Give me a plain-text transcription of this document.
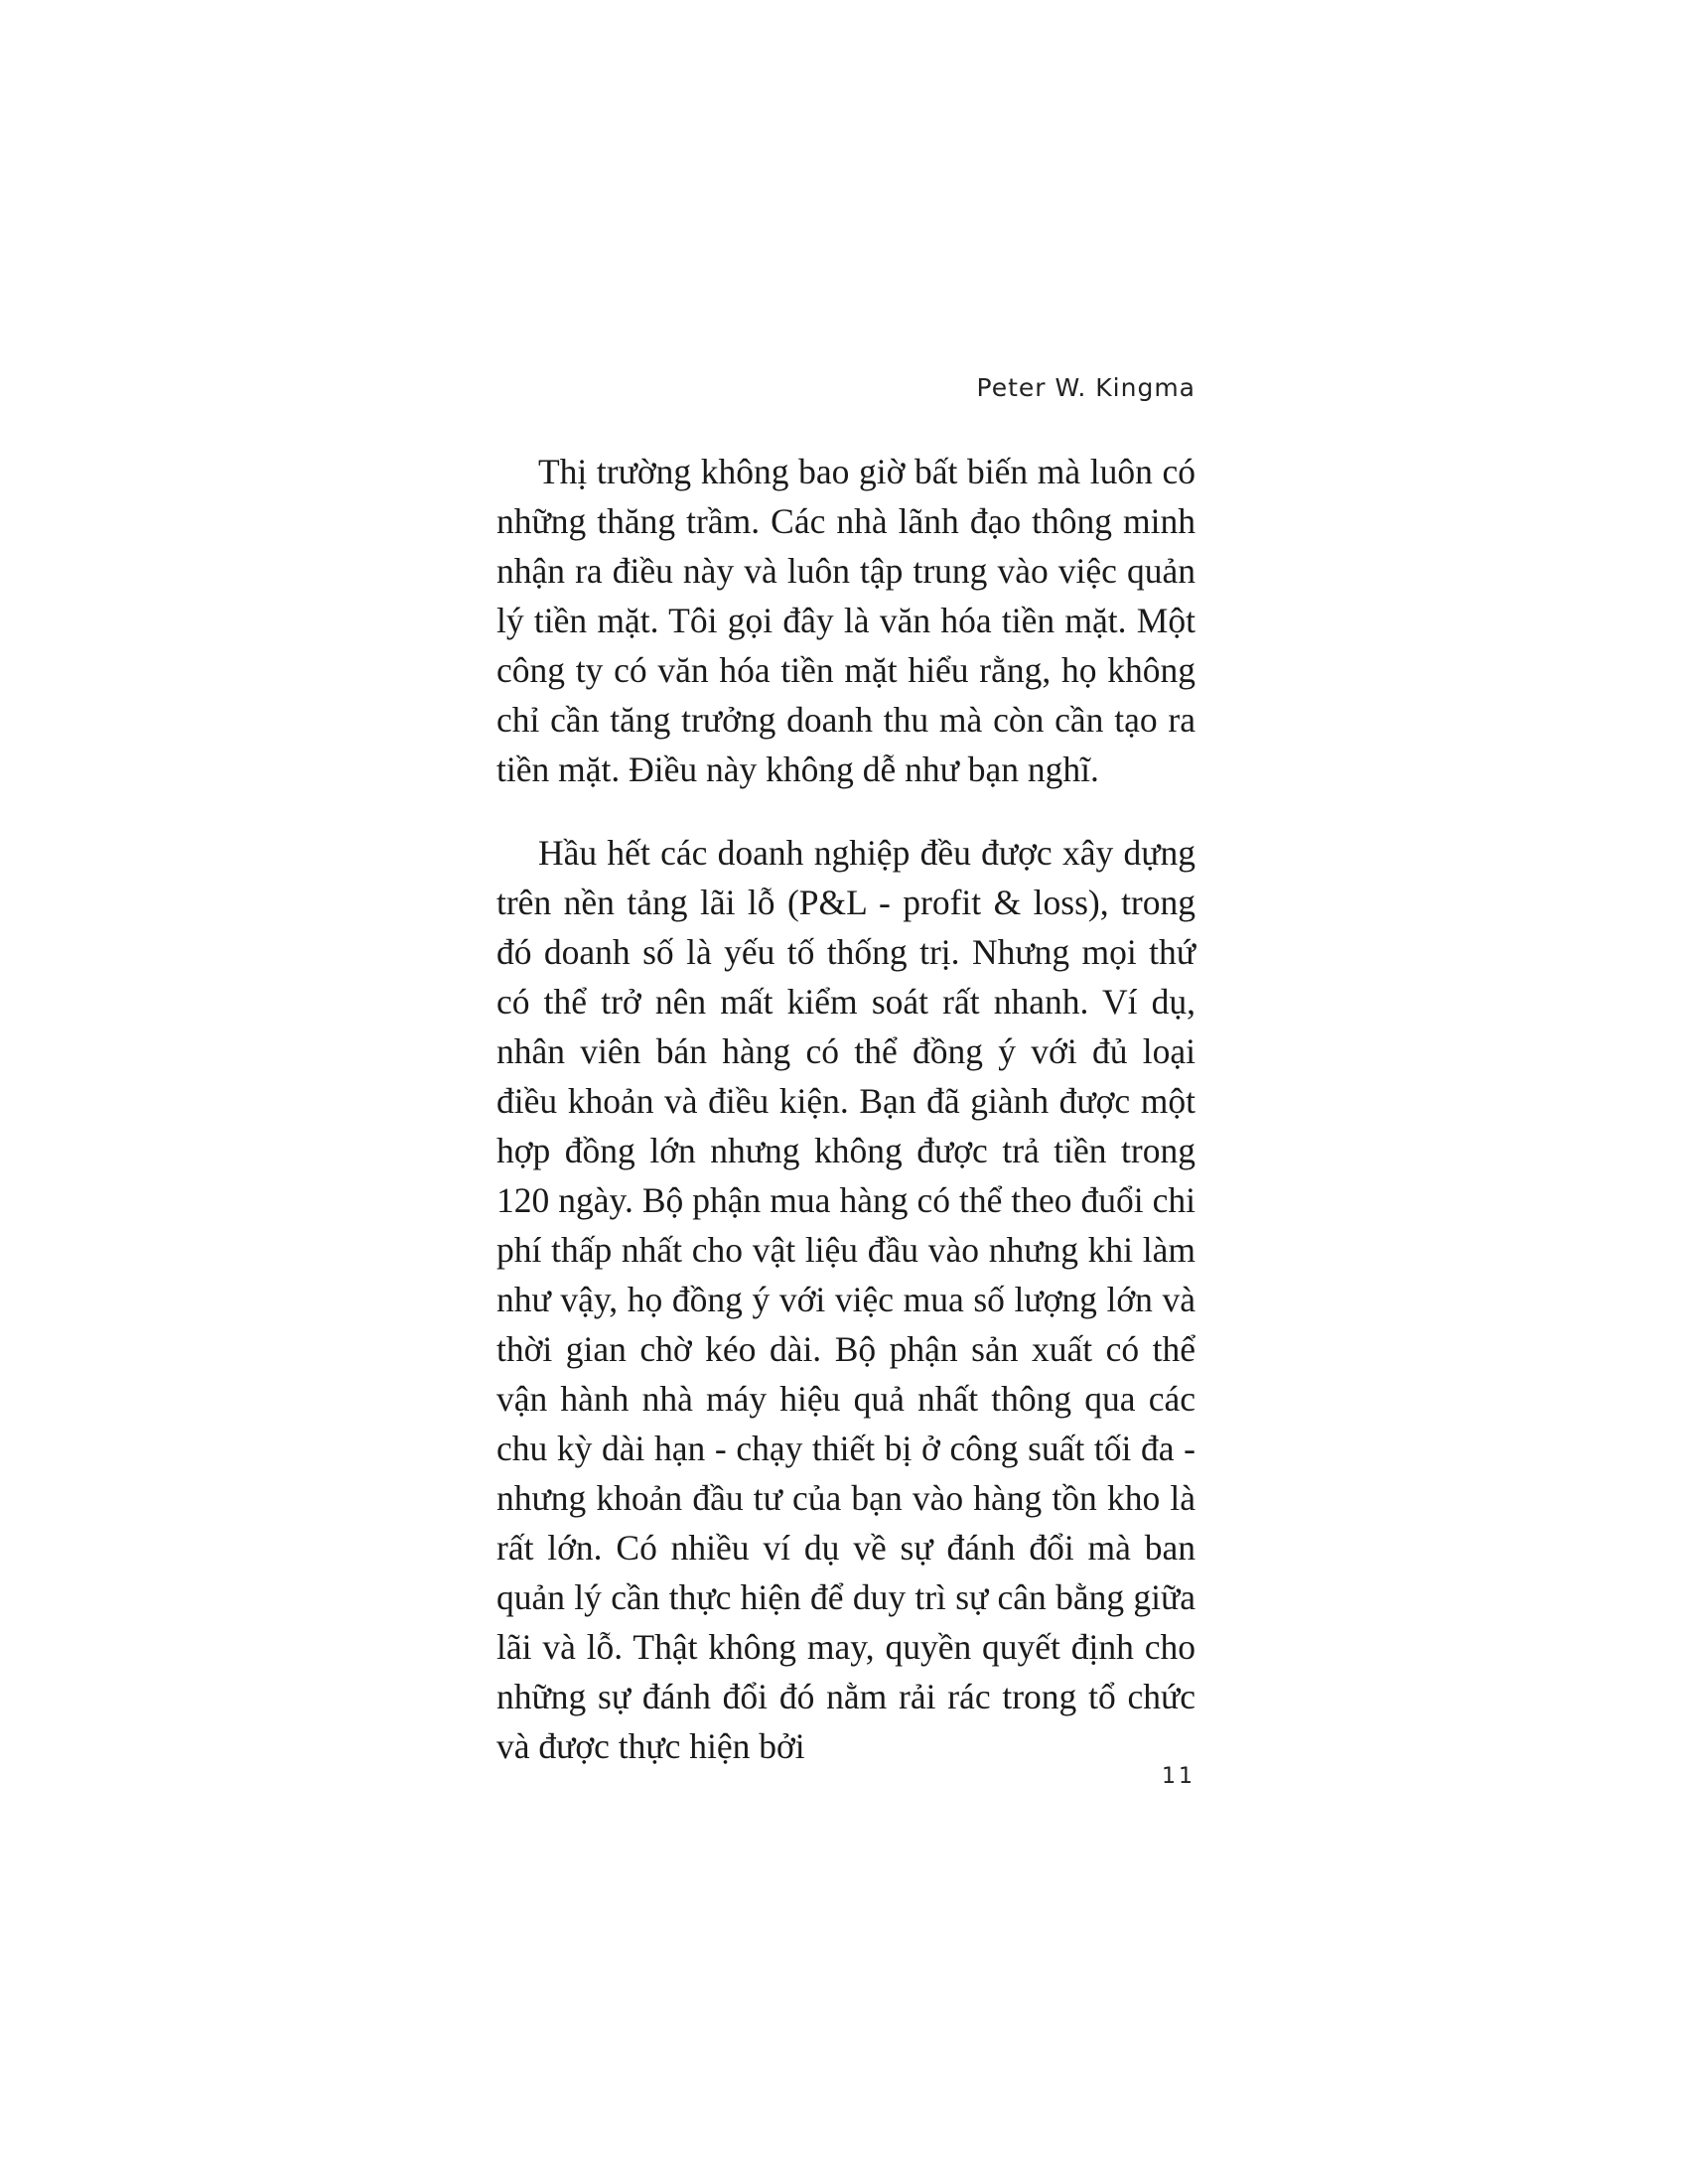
Peter W. Kingma

Thị trường không bao giờ bất biến mà luôn có những thăng trầm. Các nhà lãnh đạo thông minh nhận ra điều này và luôn tập trung vào việc quản lý tiền mặt. Tôi gọi đây là văn hóa tiền mặt. Một công ty có văn hóa tiền mặt hiểu rằng, họ không chỉ cần tăng trưởng doanh thu mà còn cần tạo ra tiền mặt. Điều này không dễ như bạn nghĩ.

Hầu hết các doanh nghiệp đều được xây dựng trên nền tảng lãi lỗ (P&L - profit & loss), trong đó doanh số là yếu tố thống trị. Nhưng mọi thứ có thể trở nên mất kiểm soát rất nhanh. Ví dụ, nhân viên bán hàng có thể đồng ý với đủ loại điều khoản và điều kiện. Bạn đã giành được một hợp đồng lớn nhưng không được trả tiền trong 120 ngày. Bộ phận mua hàng có thể theo đuổi chi phí thấp nhất cho vật liệu đầu vào nhưng khi làm như vậy, họ đồng ý với việc mua số lượng lớn và thời gian chờ kéo dài. Bộ phận sản xuất có thể vận hành nhà máy hiệu quả nhất thông qua các chu kỳ dài hạn - chạy thiết bị ở công suất tối đa - nhưng khoản đầu tư của bạn vào hàng tồn kho là rất lớn. Có nhiều ví dụ về sự đánh đổi mà ban quản lý cần thực hiện để duy trì sự cân bằng giữa lãi và lỗ. Thật không may, quyền quyết định cho những sự đánh đổi đó nằm rải rác trong tổ chức và được thực hiện bởi

11
